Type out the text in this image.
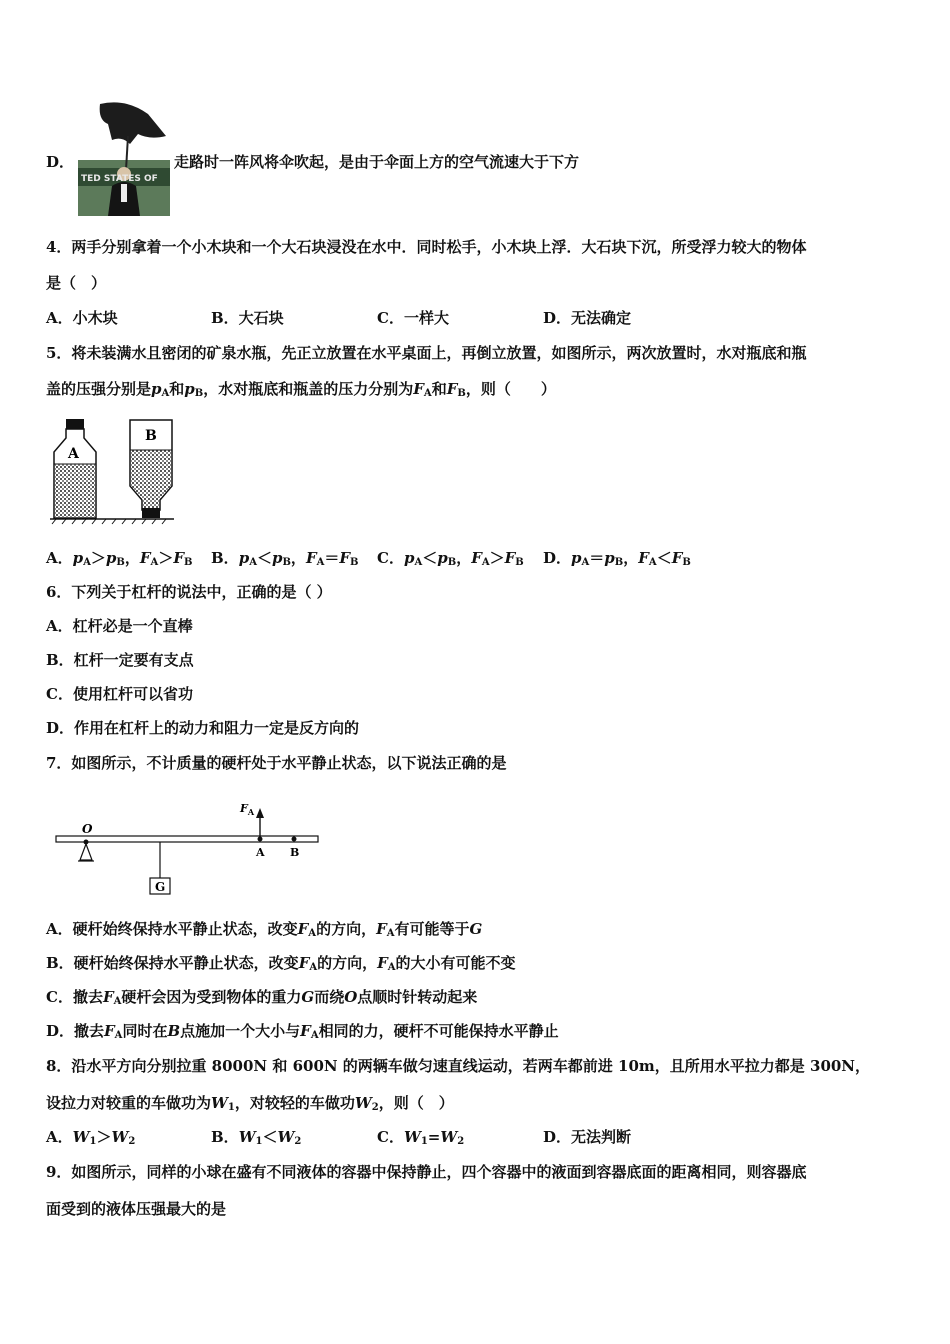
TED STATES OF
D．	走路时一阵风将伞吹起，是由于伞面上方的空气流速大于下方
4．两手分别拿着一个小木块和一个大石块浸没在水中．同时松手，小木块上浮．大石块下沉，所受浮力较大的物体
是（　）
A．小木块	B．大石块	C．一样大	D．无法确定
5．将未装满水且密闭的矿泉水瓶，先正立放置在水平桌面上，再倒立放置，如图所示，两次放置时，水对瓶底和瓶
盖的压强分别是$p_A$和$p_B$，水对瓶底和瓶盖的压力分别为$F_A$和$F_B$，则（　　）
A
B
A．$p_A>p_B$，$F_A>F_B$ B．$p_A<p_B$，$F_A=F_B$ C．$p_A<p_B$，$F_A>F_B$ D．$p_A=p_B$，$F_A<F_B$
6．下列关于杠杆的说法中，正确的是（ ）
A．杠杆必是一个直棒
B．杠杆一定要有支点
C．使用杠杆可以省功
D．作用在杠杆上的动力和阻力一定是反方向的
7．如图所示，不计质量的硬杆处于水平静止状态，以下说法正确的是
O
G
$F_A$
A B
A．硬杆始终保持水平静止状态，改变$F_A$的方向，$F_A$有可能等于G
B．硬杆始终保持水平静止状态，改变$F_A$的方向，$F_A$的大小有可能不变
C．撤去$F_A$硬杆会因为受到物体的重力G而绕O点顺时针转动起来
D．撤去$F_A$同时在B点施加一个大小与$F_A$相同的力，硬杆不可能保持水平静止
8．沿水平方向分别拉重 8000N 和 600N 的两辆车做匀速直线运动，若两车都前进 10m，且所用水平拉力都是 300N，
设拉力对较重的车做功为$W_1$，对较轻的车做功$W_2$，则（　）
A．$W_1>W_2$	B．$W_1<W_2$	C．$W_1=W_2$	D．无法判断
9．如图所示，同样的小球在盛有不同液体的容器中保持静止，四个容器中的液面到容器底面的距离相同，则容器底
面受到的液体压强最大的是
